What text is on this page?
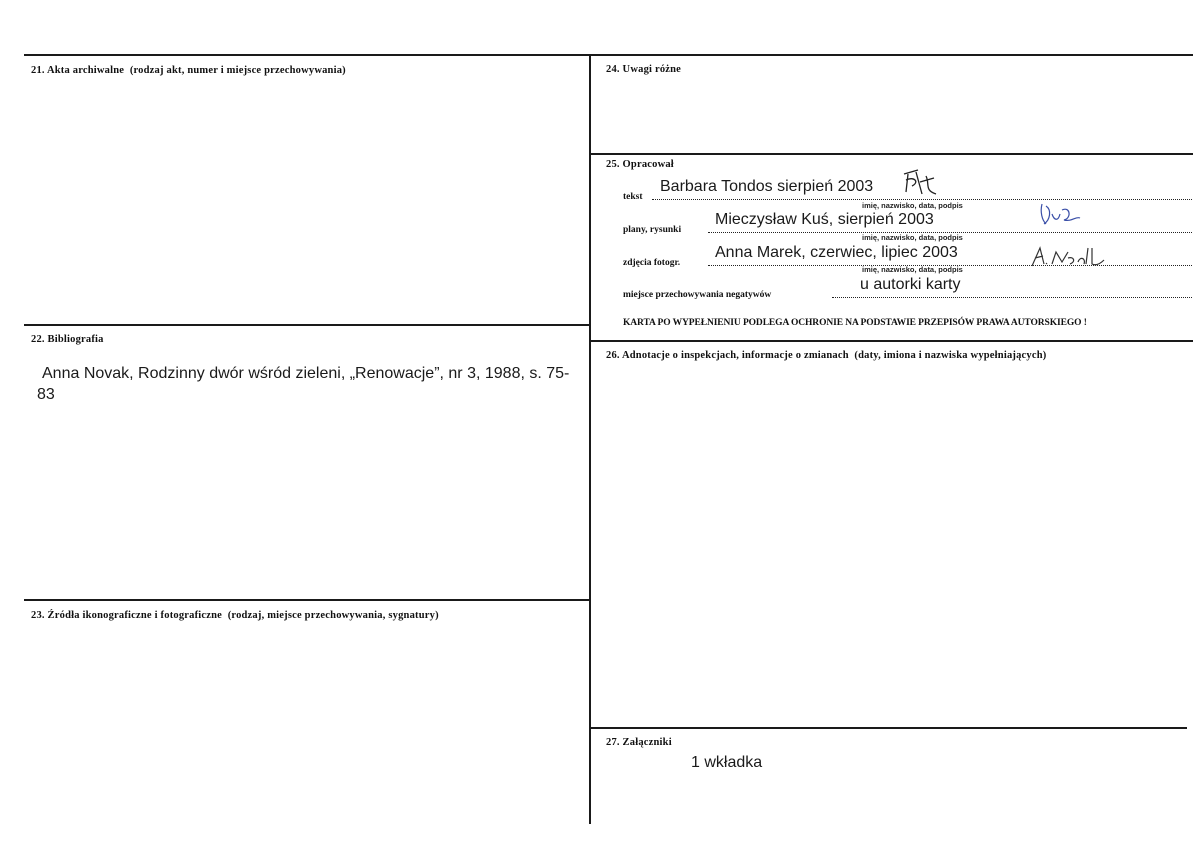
21. Akta archiwalne (rodzaj akt, numer i miejsce przechowywania)
22. Bibliografia
Anna Novak, Rodzinny dwór wśród zieleni, „Renowacje”, nr 3, 1988, s. 75-83
23. Źródła ikonograficzne i fotograficzne (rodzaj, miejsce przechowywania, sygnatury)
24. Uwagi różne
25. Opracował
tekst
Barbara Tondos sierpień 2003
imię, nazwisko, data, podpis
plany, rysunki
Mieczysław Kuś, sierpień 2003
imię, nazwisko, data, podpis
zdjęcia fotogr.
Anna Marek, czerwiec, lipiec 2003
imię, nazwisko, data, podpis
miejsce przechowywania negatywów
u autorki karty
KARTA PO WYPEŁNIENIU PODLEGA OCHRONIE NA PODSTAWIE PRZEPISÓW PRAWA AUTORSKIEGO !
26. Adnotacje o inspekcjach, informacje o zmianach (daty, imiona i nazwiska wypełniających)
27. Załączniki
1 wkładka
